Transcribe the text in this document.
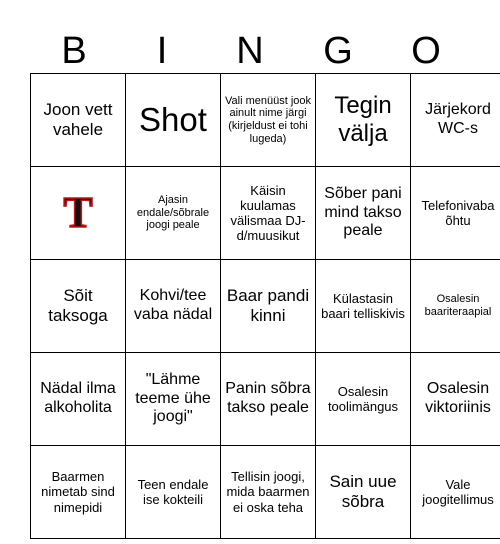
B	I	N	G	O
Joon vett vahele	Shot	Vali menüüst jook ainult nime järgi (kirjeldust ei tohi lugeda)	Tegin välja	Järjekord WC-s
T	Ajasin endale/sõbrale joogi peale	Käisin kuulamas välismaa DJ-d/muusikut	Sõber pani mind takso peale	Telefonivaba õhtu
Sõit taksoga	Kohvi/tee vaba nädal	Baar pandi kinni	Külastasin baari telliskivis	Osalesin baariteraapial
Nädal ilma alkoholita	"Lähme teeme ühe joogi"	Panin sõbra takso peale	Osalesin toolimängus	Osalesin viktoriinis
Baarmen nimetab sind nimepidi	Teen endale ise kokteili	Tellisin joogi, mida baarmen ei oska teha	Sain uue sõbra	Vale joogitellimus
